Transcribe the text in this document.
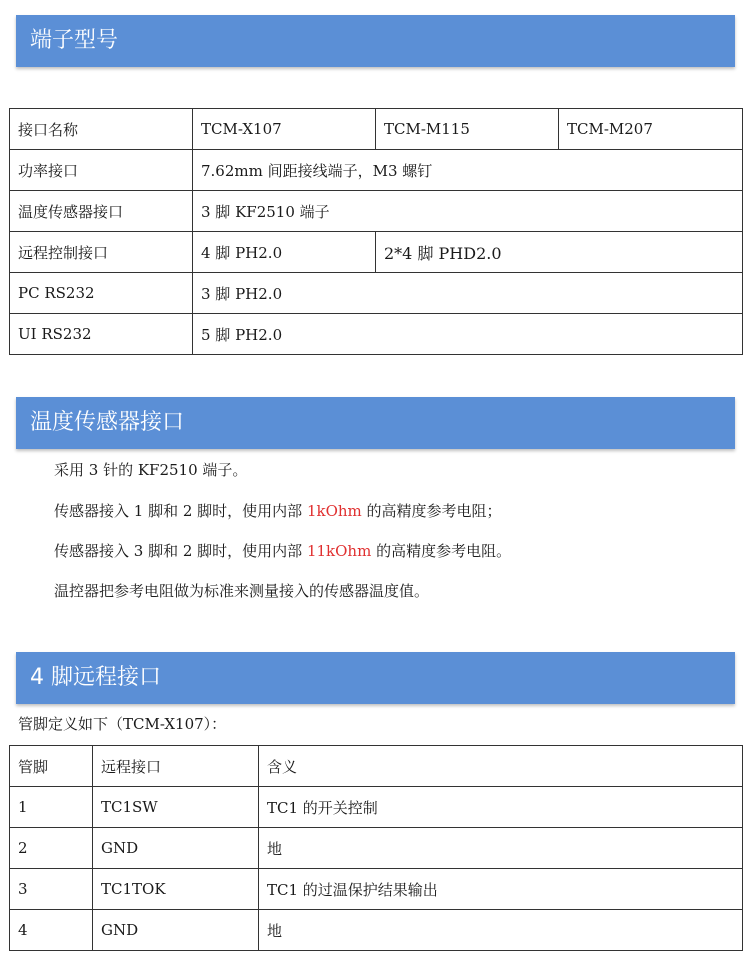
端子型号
接口名称	TCM-X107	TCM-M115	TCM-M207
功率接口	7.62mm 间距接线端子，M3 螺钉		
温度传感器接口	3 脚 KF2510 端子		
远程控制接口	4 脚 PH2.0	2*4 脚 PHD2.0	
PC RS232	3 脚 PH2.0		
UI RS232	5 脚 PH2.0		
温度传感器接口

采用 3 针的 KF2510 端子。

传感器接入 1 脚和 2 脚时，使用内部 1kOhm 的高精度参考电阻；

传感器接入 3 脚和 2 脚时，使用内部 11kOhm 的高精度参考电阻。

温控器把参考电阻做为标准来测量接入的传感器温度值。

4 脚远程接口

管脚定义如下（TCM-X107）：

管脚	远程接口	含义
1	TC1SW	TC1 的开关控制
2	GND	地
3	TC1TOK	TC1 的过温保护结果输出
4	GND	地
